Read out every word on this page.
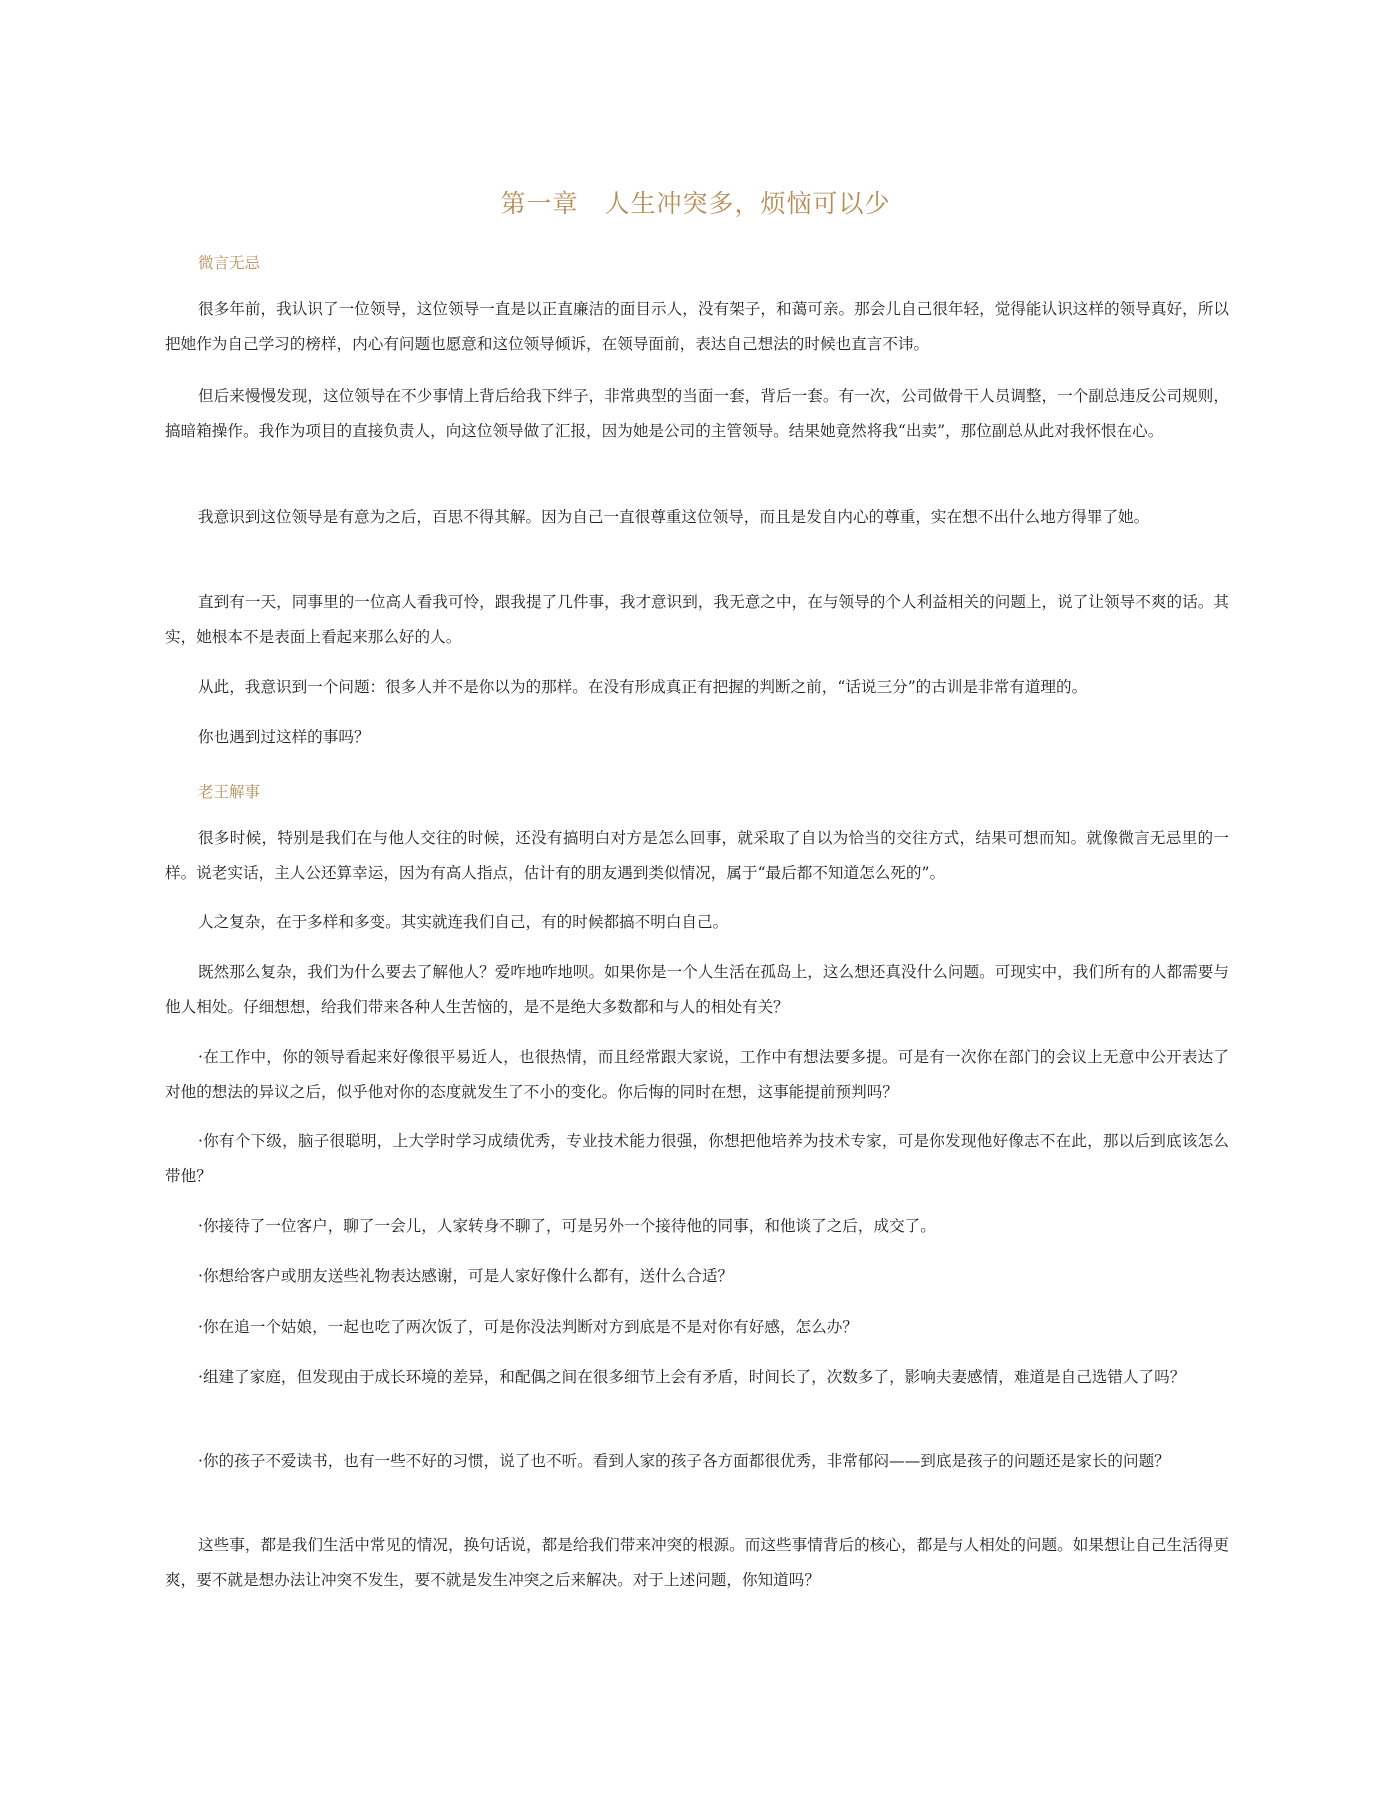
第一章　人生冲突多，烦恼可以少
微言无忌

很多年前，我认识了一位领导，这位领导一直是以正直廉洁的面目示人，没有架子，和蔼可亲。那会儿自己很年轻，觉得能认识这样的领导真好，所以把她作为自己学习的榜样，内心有问题也愿意和这位领导倾诉，在领导面前，表达自己想法的时候也直言不讳。

但后来慢慢发现，这位领导在不少事情上背后给我下绊子，非常典型的当面一套，背后一套。有一次，公司做骨干人员调整，一个副总违反公司规则，搞暗箱操作。我作为项目的直接负责人，向这位领导做了汇报，因为她是公司的主管领导。结果她竟然将我“出卖”，那位副总从此对我怀恨在心。

我意识到这位领导是有意为之后，百思不得其解。因为自己一直很尊重这位领导，而且是发自内心的尊重，实在想不出什么地方得罪了她。

直到有一天，同事里的一位高人看我可怜，跟我提了几件事，我才意识到，我无意之中，在与领导的个人利益相关的问题上，说了让领导不爽的话。其实，她根本不是表面上看起来那么好的人。

从此，我意识到一个问题：很多人并不是你以为的那样。在没有形成真正有把握的判断之前，“话说三分”的古训是非常有道理的。

你也遇到过这样的事吗？

老王解事

很多时候，特别是我们在与他人交往的时候，还没有搞明白对方是怎么回事，就采取了自以为恰当的交往方式，结果可想而知。就像微言无忌里的一样。说老实话，主人公还算幸运，因为有高人指点，估计有的朋友遇到类似情况，属于“最后都不知道怎么死的”。

人之复杂，在于多样和多变。其实就连我们自己，有的时候都搞不明白自己。

既然那么复杂，我们为什么要去了解他人？爱咋地咋地呗。如果你是一个人生活在孤岛上，这么想还真没什么问题。可现实中，我们所有的人都需要与他人相处。仔细想想，给我们带来各种人生苦恼的，是不是绝大多数都和与人的相处有关？

·在工作中，你的领导看起来好像很平易近人，也很热情，而且经常跟大家说，工作中有想法要多提。可是有一次你在部门的会议上无意中公开表达了对他的想法的异议之后，似乎他对你的态度就发生了不小的变化。你后悔的同时在想，这事能提前预判吗？

·你有个下级，脑子很聪明，上大学时学习成绩优秀，专业技术能力很强，你想把他培养为技术专家，可是你发现他好像志不在此，那以后到底该怎么带他？

·你接待了一位客户，聊了一会儿，人家转身不聊了，可是另外一个接待他的同事，和他谈了之后，成交了。

·你想给客户或朋友送些礼物表达感谢，可是人家好像什么都有，送什么合适？

·你在追一个姑娘，一起也吃了两次饭了，可是你没法判断对方到底是不是对你有好感，怎么办？

·组建了家庭，但发现由于成长环境的差异，和配偶之间在很多细节上会有矛盾，时间长了，次数多了，影响夫妻感情，难道是自己选错人了吗？

·你的孩子不爱读书，也有一些不好的习惯，说了也不听。看到人家的孩子各方面都很优秀，非常郁闷——到底是孩子的问题还是家长的问题？

这些事，都是我们生活中常见的情况，换句话说，都是给我们带来冲突的根源。而这些事情背后的核心，都是与人相处的问题。如果想让自己生活得更爽，要不就是想办法让冲突不发生，要不就是发生冲突之后来解决。对于上述问题，你知道吗？
